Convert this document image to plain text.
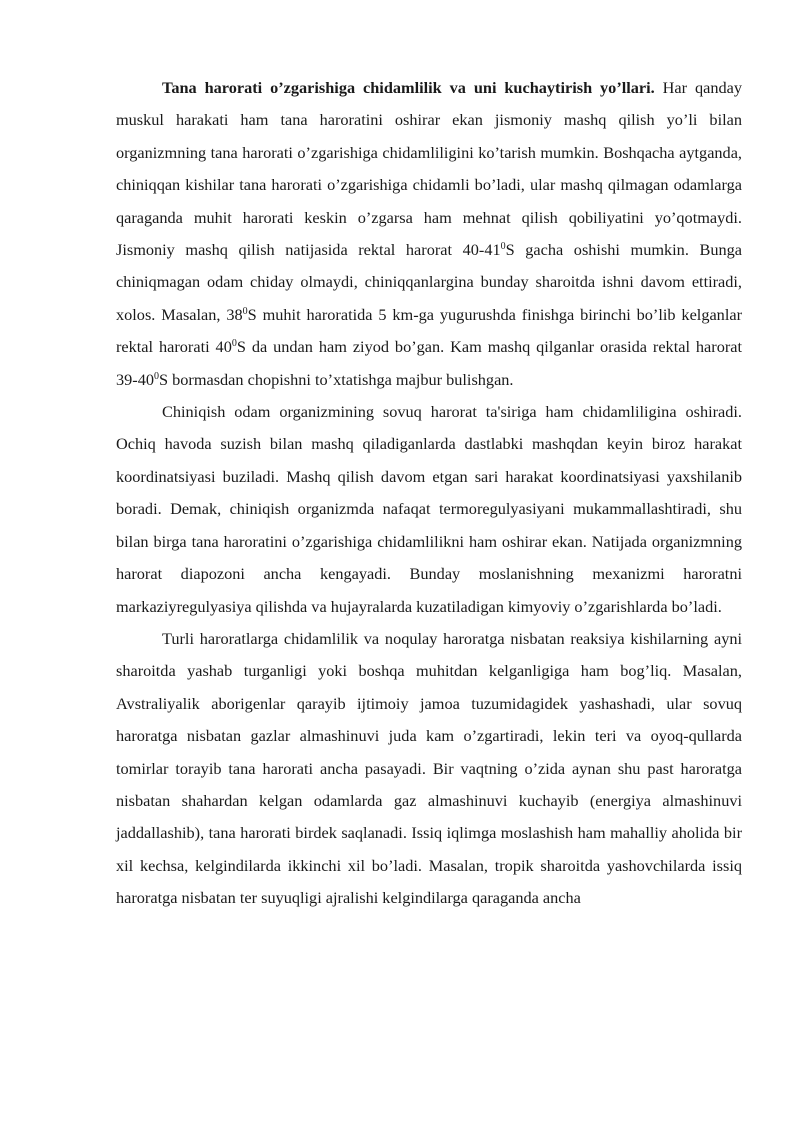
Tana harorati o’zgarishiga chidamlilik va uni kuchaytirish yo’llari. Har qanday muskul harakati ham tana haroratini oshirar ekan jismoniy mashq qilish yo’li bilan organizmning tana harorati o’zgarishiga chidamliligini ko’tarish mumkin. Boshqacha aytganda, chiniqqan kishilar tana harorati o’zgarishiga chidamli bo’ladi, ular mashq qilmagan odamlarga qaraganda muhit harorati keskin o’zgarsa ham mehnat qilish qobiliyatini yo’qotmaydi. Jismoniy mashq qilish natijasida rektal harorat $40-41^0S$ gacha oshishi mumkin. Bunga chiniqmagan odam chiday olmaydi, chiniqqanlargina bunday sharoitda ishni davom ettiradi, xolos. Masalan, $38^0S$ muhit haroratida 5 km-ga yugurushda finishga birinchi bo’lib kelganlar rektal harorati $40^0S$ da undan ham ziyod bo’gan. Kam mashq qilganlar orasida rektal harorat $39-40^0S$ bormasdan chopishni to’xtatishga majbur bulishgan.

Chiniqish odam organizmining sovuq harorat ta'siriga ham chidamliligina oshiradi. Ochiq havoda suzish bilan mashq qiladiganlarda dastlabki mashqdan keyin biroz harakat koordinatsiyasi buziladi. Mashq qilish davom etgan sari harakat koordinatsiyasi yaxshilanib boradi. Demak, chiniqish organizmda nafaqat termoregulyasiyani mukammallashtiradi, shu bilan birga tana haroratini o’zgarishiga chidamlilikni ham oshirar ekan. Natijada organizmning harorat diapozoni ancha kengayadi. Bunday moslanishning mexanizmi haroratni markaziyregulyasiya qilishda va hujayralarda kuzatiladigan kimyoviy o’zgarishlarda bo’ladi.

Turli haroratlarga chidamlilik va noqulay haroratga nisbatan reaksiya kishilarning ayni sharoitda yashab turganligi yoki boshqa muhitdan kelganligiga ham bog’liq. Masalan, Avstraliyalik aborigenlar qarayib ijtimoiy jamoa tuzumidagidek yashashadi, ular sovuq haroratga nisbatan gazlar almashinuvi juda kam o’zgartiradi, lekin teri va oyoq-qullarda tomirlar torayib tana harorati ancha pasayadi. Bir vaqtning o’zida aynan shu past haroratga nisbatan shahardan kelgan odamlarda gaz almashinuvi kuchayib (energiya almashinuvi jaddallashib), tana harorati birdek saqlanadi. Issiq iqlimga moslashish ham mahalliy aholida bir xil kechsa, kelgindilarda ikkinchi xil bo’ladi. Masalan, tropik sharoitda yashovchilarda issiq haroratga nisbatan ter suyuqligi ajralishi kelgindilarga qaraganda ancha
